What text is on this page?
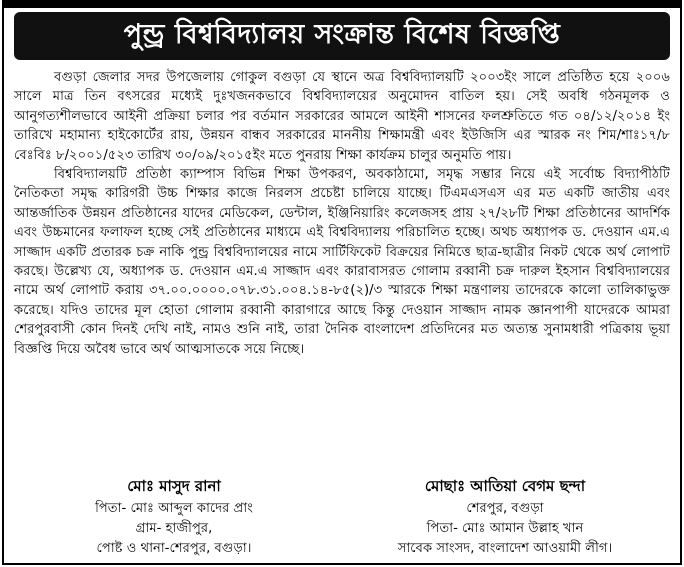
পুন্ড্র বিশ্ববিদ্যালয় সংক্রান্ত বিশেষ বিজ্ঞপ্তি

বগুড়া জেলার সদর উপজেলায় গোকুল বগুড়া যে স্থানে অত্র বিশ্ববিদ্যালয়টি ২০০৩ইং সালে প্রতিষ্ঠিত হয়ে ২০০৬ সালে মাত্র তিন বৎসরের মধ্যেই দুঃখজনকভাবে বিশ্ববিদ্যালয়ের অনুমোদন বাতিল হয়। সেই অবধি গঠনমূলক ও আনুগত্যশীলভাবে আইনী প্রক্রিয়া চলার পর বর্তমান সরকারের আমলে আইনী শাসনের ফলশ্রুতিতে গত ০৪/১২/২০১৪ ইং তারিখে মহামান্য হাইকোর্টের রায়, উন্নয়ন বান্ধব সরকারের মাননীয় শিক্ষামন্ত্রী এবং ইউজিসি এর স্মারক নং শিম/শাঃ১৭/৮ বেঃবিঃ ৮/২০০১/৫২৩ তারিখ ৩০/০৯/২০১৫ইং মতে পুনরায় শিক্ষা কার্যক্রম চালুর অনুমতি পায়।

বিশ্ববিদ্যালয়টি প্রতিষ্ঠা ক্যাম্পাস বিভিন্ন শিক্ষা উপকরণ, অবকাঠামো, সমৃদ্ধ সম্ভার নিয়ে এই সর্বোচ্চ বিদ্যাপীঠটি নৈতিকতা সমৃদ্ধ কারিগরী উচ্চ শিক্ষার কাজে নিরলস প্রচেষ্টা চালিয়ে যাচ্ছে। টিএমএসএস এর মত একটি জাতীয় এবং আন্তর্জাতিক উন্নয়ন প্রতিষ্ঠানের যাদের মেডিকেল, ডেন্টাল, ইঞ্জিনিয়ারিং কলেজসহ প্রায় ২৭/২৮টি শিক্ষা প্রতিষ্ঠানের আদর্শিক এবং উচ্চমানের ফলাফল হচ্ছে সেই প্রতিষ্ঠানের মাধ্যমে এই বিশ্ববিদ্যালয় পরিচালিত হচ্ছে। অথচ অধ্যাপক ড. দেওয়ান এম.এ সাজ্জাদ একটি প্রতারক চক্র নাকি পুন্ড্র বিশ্ববিদ্যালয়ের নামে সার্টিফিকেট বিক্রয়ের নিমিত্তে ছাত্র-ছাত্রীর নিকট থেকে অর্থ লোপাট করছে। উল্লেখ্য যে, অধ্যাপক ড. দেওয়ান এম.এ সাজ্জাদ এবং কারাবাসরত গোলাম রব্বানী চক্র দারুল ইহসান বিশ্ববিদ্যালয়ের নামে অর্থ লোপাট করায় ৩৭.০০.০০০০.০৭৮.৩১.০০৪.১৪-৮৫(২)/৩ স্মারকে শিক্ষা মন্ত্রণালয় তাদেরকে কালো তালিকাভুক্ত করেছে। যদিও তাদের মূল হোতা গোলাম রব্বানী কারাগারে আছে কিন্তু দেওয়ান সাজ্জাদ নামক জ্ঞানপাপী যাদেরকে আমরা শেরপুরবাসী কোন দিনই দেখি নাই, নামও শুনি নাই, তারা দৈনিক বাংলাদেশ প্রতিদিনের মত অত্যন্ত সুনামধারী পত্রিকায় ভূয়া বিজ্ঞপ্তি দিয়ে অবৈধ ভাবে অর্থ আত্মসাতকে সয়ে নিচ্ছে।

মোঃ মাসুদ রানা
পিতা- মোঃ আব্দুল কাদের প্রাং
গ্রাম- হাজীপুর,
পোষ্ট ও থানা-শেরপুর, বগুড়া।
মোছাঃ আতিয়া বেগম ছন্দা
শেরপুর, বগুড়া
পিতা- মোঃ আমান উল্লাহ খান
সাবেক সাংসদ, বাংলাদেশ আওয়ামী লীগ।
